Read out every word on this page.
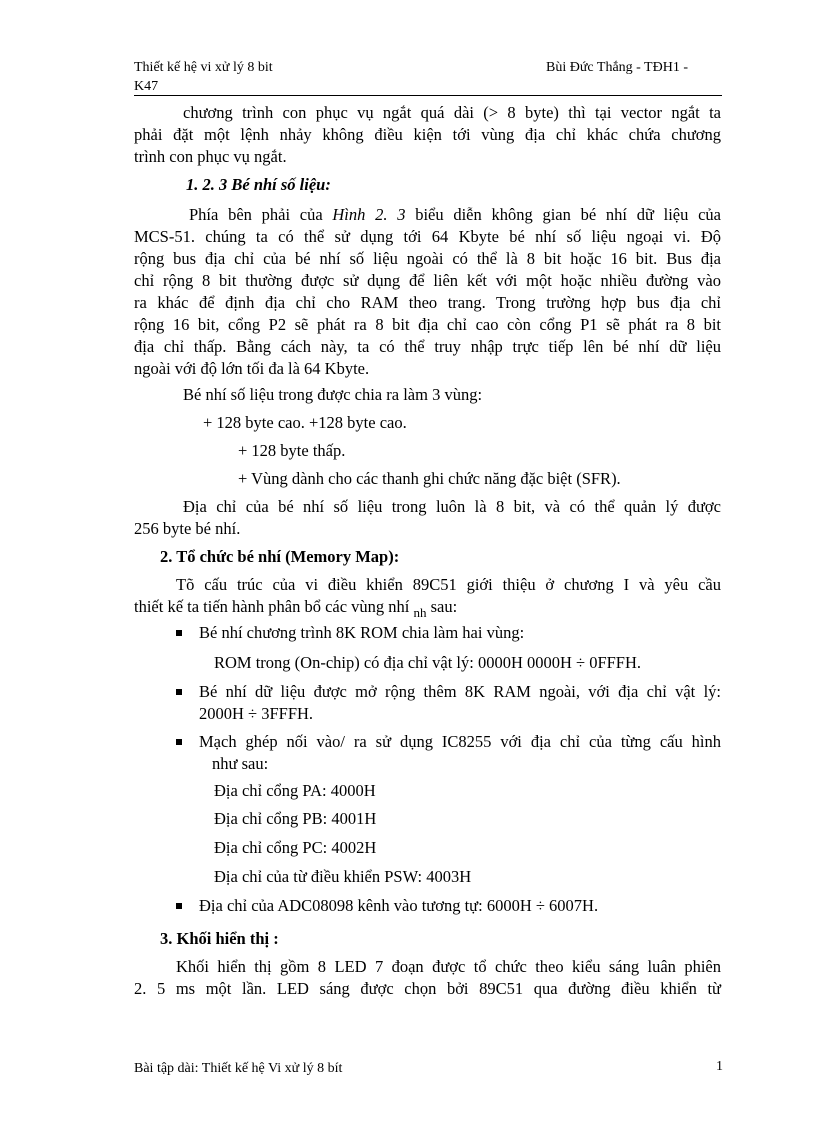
Thiết kế hệ vi xử lý 8 bit	Bùi Đức Thắng - TĐH1 -
K47
chương trình con phục vụ ngắt quá dài (> 8 byte) thì tại vector ngắt ta
phải đặt một lệnh nhảy không điều kiện tới vùng địa chỉ khác chứa chương
trình con phục vụ ngắt.
1. 2. 3 Bé nhí số liệu:
Phía bên phải của Hình 2. 3 biểu diễn không gian bé nhí dữ liệu của
MCS-51. chúng ta có thể sử dụng tới 64 Kbyte bé nhí số liệu ngoại vi. Độ
rộng bus địa chỉ của bé nhí số liệu ngoài có thể là 8 bit hoặc 16 bit. Bus địa
chỉ rộng 8 bit thường được sử dụng để liên kết với một hoặc nhiều đường vào
ra khác để định địa chỉ cho RAM theo trang. Trong trường hợp bus địa chỉ
rộng 16 bit, cổng P2 sẽ phát ra 8 bit địa chỉ cao còn cổng P1 sẽ phát ra 8 bit
địa chỉ thấp. Bằng cách này, ta có thể truy nhập trực tiếp lên bé nhí dữ liệu
ngoài với độ lớn tối đa là 64 Kbyte.
Bé nhí số liệu trong được chia ra làm 3 vùng:
+ 128 byte cao. +128 byte cao.
+ 128 byte thấp.
+ Vùng dành cho các thanh ghi chức năng đặc biệt (SFR).
Địa chỉ của bé nhí số liệu trong luôn là 8 bit, và có thể quản lý được
256 byte bé nhí.
2. Tổ chức bé nhí (Memory Map):
Tõ cấu trúc của vi điều khiển 89C51 giới thiệu ở chương I và yêu cầu
thiết kế ta tiến hành phân bổ các vùng nhí $_{nh}$ sau:
Bé nhí chương trình 8K ROM chia làm hai vùng:
ROM trong (On-chip) có địa chỉ vật lý: 0000H 0000H ÷ 0FFFH.
Bé nhí dữ liệu được mở rộng thêm 8K RAM ngoài, với địa chỉ vật lý:
2000H ÷ 3FFFH.
Mạch ghép nối vào/ ra sử dụng IC8255 với địa chỉ của từng cấu hình
như sau:
Địa chỉ cổng PA: 4000H
Địa chỉ cổng PB: 4001H
Địa chỉ cổng PC: 4002H
Địa chỉ của từ điều khiển PSW: 4003H
Địa chỉ của ADC08098 kênh vào tương tự: 6000H ÷ 6007H.
3. Khối hiển thị :
Khối hiển thị gồm 8 LED 7 đoạn được tổ chức theo kiểu sáng luân phiên
2. 5 ms một lần. LED sáng được chọn bởi 89C51 qua đường điều khiển từ
Bài tập dài: Thiết kế hệ Vi xử lý 8 bít	1
